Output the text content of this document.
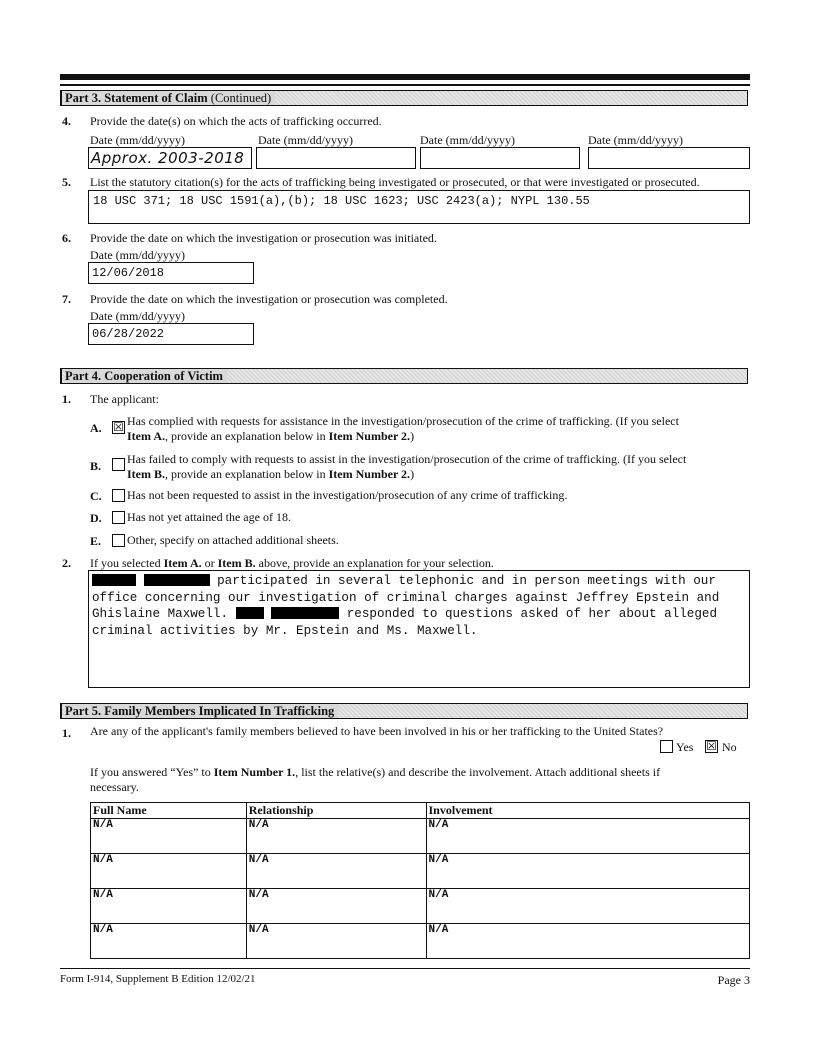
Part 3. Statement of Claim (Continued)
4. Provide the date(s) on which the acts of trafficking occurred.
Date (mm/dd/yyyy)	Date (mm/dd/yyyy)	Date (mm/dd/yyyy)	Date (mm/dd/yyyy)
Approx. 2003-2018
5. List the statutory citation(s) for the acts of trafficking being investigated or prosecuted, or that were investigated or prosecuted.
18 USC 371; 18 USC 1591(a),(b); 18 USC 1623; USC 2423(a); NYPL 130.55
6. Provide the date on which the investigation or prosecution was initiated.
Date (mm/dd/yyyy)
12/06/2018
7. Provide the date on which the investigation or prosecution was completed.
Date (mm/dd/yyyy)
06/28/2022
Part 4. Cooperation of Victim
1. The applicant:
A. ☒ Has complied with requests for assistance in the investigation/prosecution of the crime of trafficking. (If you select
Item A., provide an explanation below in Item Number 2.)
B. Has failed to comply with requests to assist in the investigation/prosecution of the crime of trafficking. (If you select
Item B., provide an explanation below in Item Number 2.)
C. Has not been requested to assist in the investigation/prosecution of any crime of trafficking.
D. Has not yet attained the age of 18.
E. Other, specify on attached additional sheets.
2. If you selected Item A. or Item B. above, provide an explanation for your selection.
participated in several telephonic and in person meetings with our
office concerning our investigation of criminal charges against Jeffrey Epstein and
Ghislaine Maxwell.	responded to questions asked of her about alleged
criminal activities by Mr. Epstein and Ms. Maxwell.
Part 5. Family Members Implicated In Trafficking
1. Are any of the applicant's family members believed to have been involved in his or her trafficking to the United States?
Yes ☒ No
If you answered “Yes” to Item Number 1., list the relative(s) and describe the involvement. Attach additional sheets if
necessary.
Full Name	Relationship	Involvement
N/A	N/A	N/A
N/A	N/A	N/A
N/A	N/A	N/A
N/A	N/A	N/A
Form I-914, Supplement B Edition 12/02/21	Page 3
